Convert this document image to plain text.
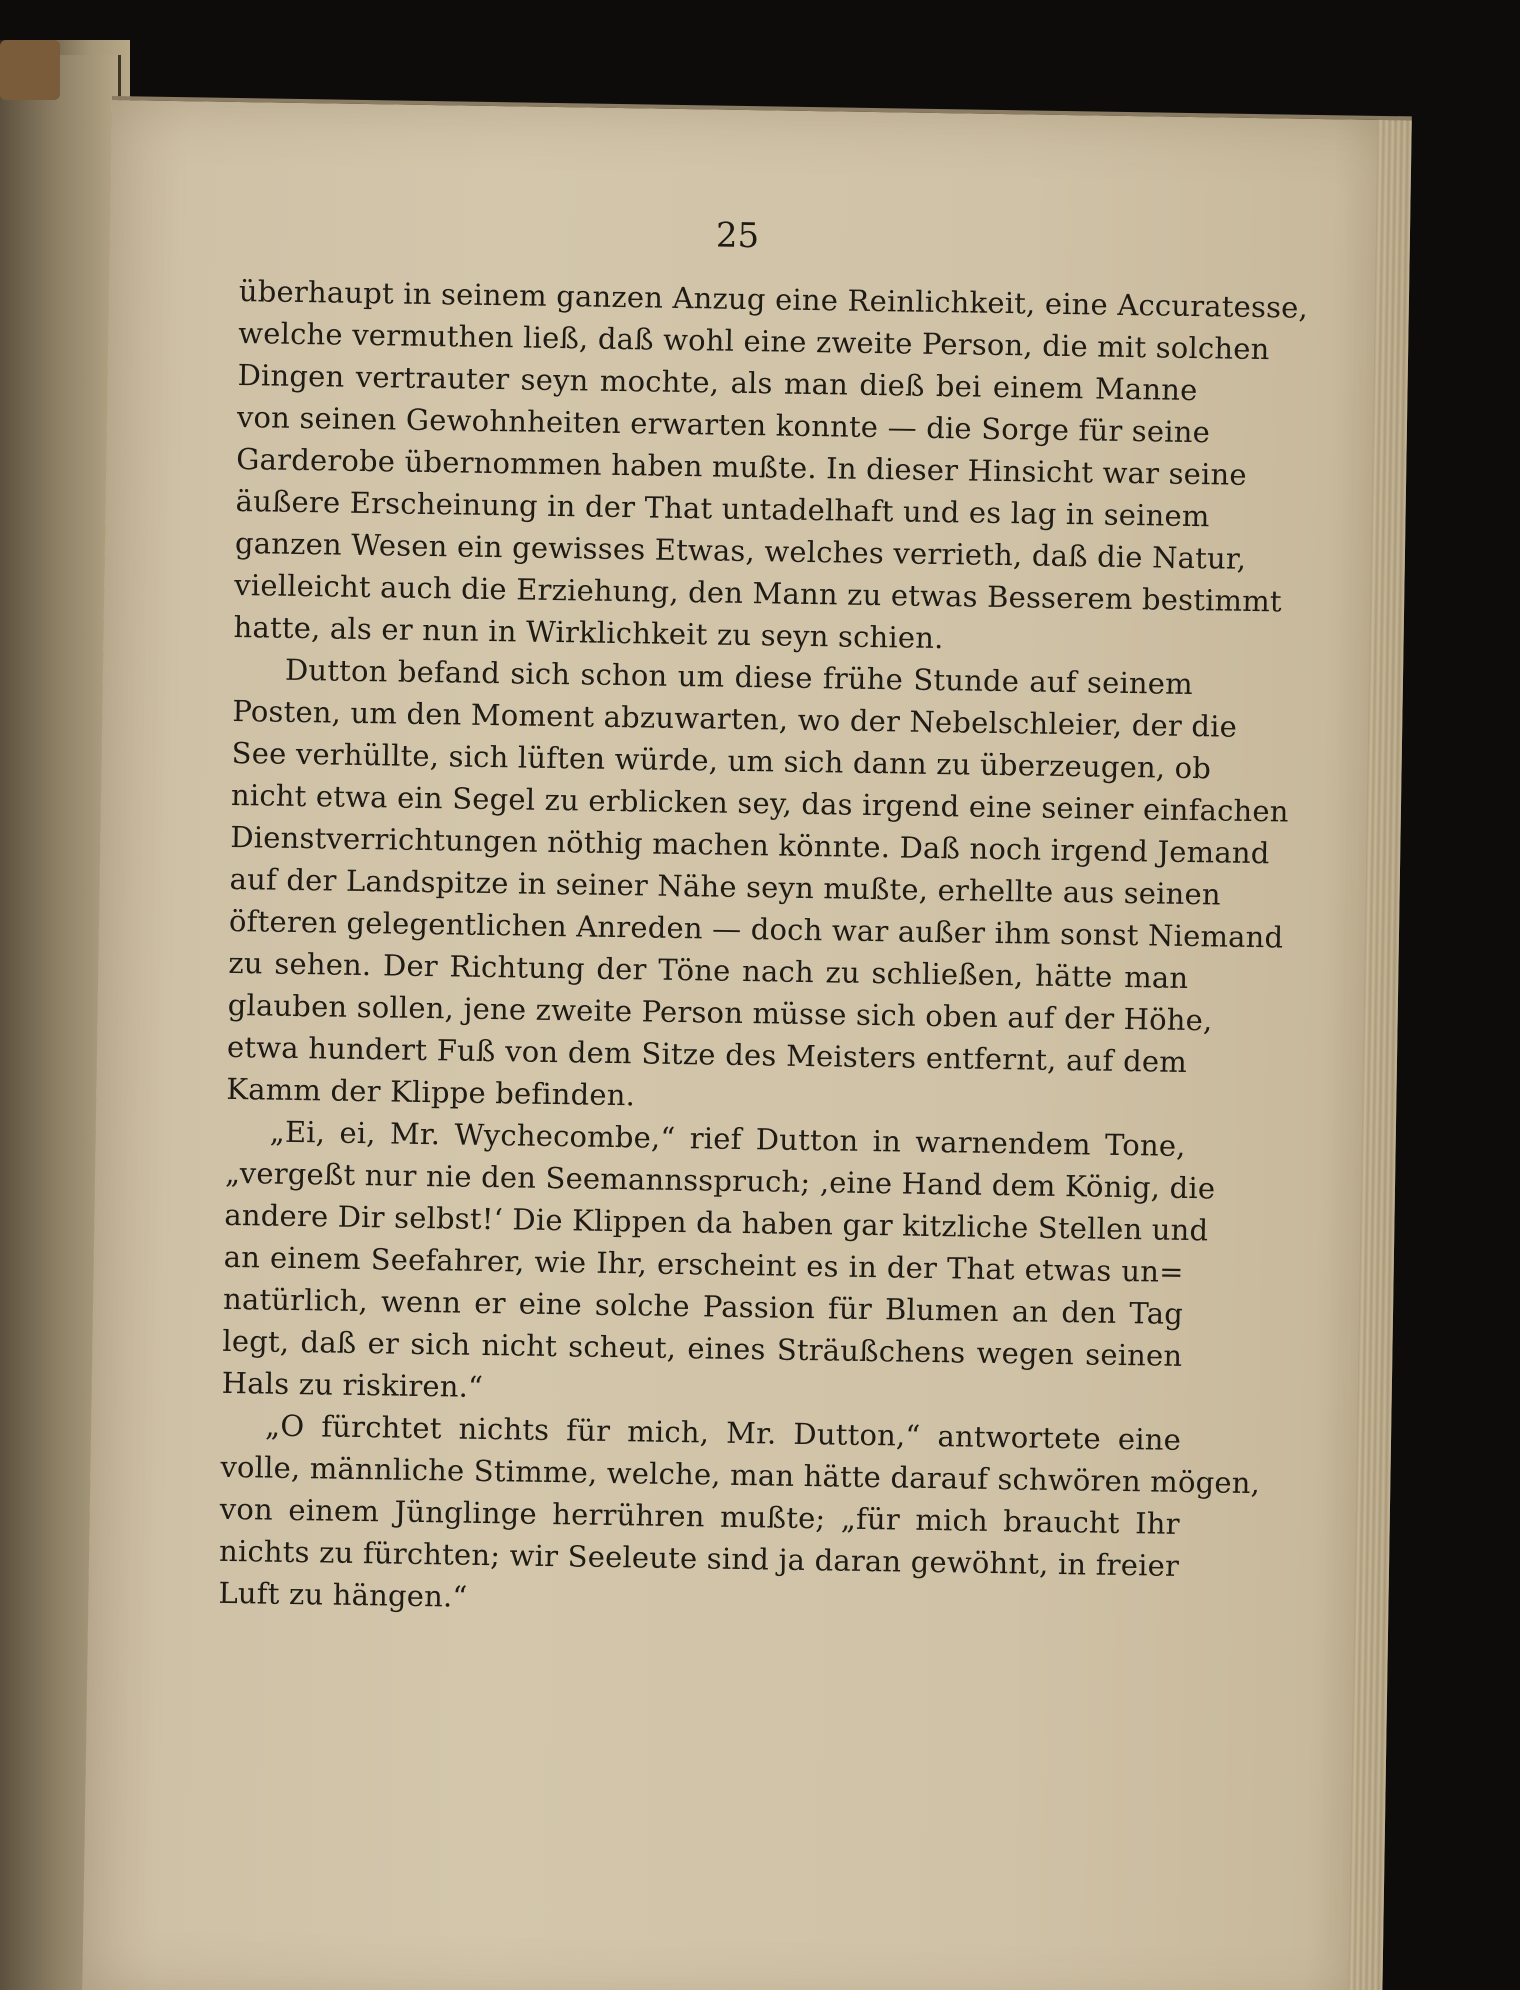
25

überhaupt in seinem ganzen Anzug eine Reinlichkeit, eine Accuratesse,
welche vermuthen ließ, daß wohl eine zweite Person, die mit solchen
Dingen vertrauter seyn mochte, als man dieß bei einem Manne
von seinen Gewohnheiten erwarten konnte — die Sorge für seine
Garderobe übernommen haben mußte. In dieser Hinsicht war seine
äußere Erscheinung in der That untadelhaft und es lag in seinem
ganzen Wesen ein gewisses Etwas, welches verrieth, daß die Natur,
vielleicht auch die Erziehung, den Mann zu etwas Besserem bestimmt
hatte, als er nun in Wirklichkeit zu seyn schien.

Dutton befand sich schon um diese frühe Stunde auf seinem
Posten, um den Moment abzuwarten, wo der Nebelschleier, der die
See verhüllte, sich lüften würde, um sich dann zu überzeugen, ob
nicht etwa ein Segel zu erblicken sey, das irgend eine seiner einfachen
Dienstverrichtungen nöthig machen könnte. Daß noch irgend Jemand
auf der Landspitze in seiner Nähe seyn mußte, erhellte aus seinen
öfteren gelegentlichen Anreden — doch war außer ihm sonst Niemand
zu sehen. Der Richtung der Töne nach zu schließen, hätte man
glauben sollen, jene zweite Person müsse sich oben auf der Höhe,
etwa hundert Fuß von dem Sitze des Meisters entfernt, auf dem
Kamm der Klippe befinden.

„Ei, ei, Mr. Wychecombe,“ rief Dutton in warnendem Tone,
„vergeßt nur nie den Seemannsspruch; ‚eine Hand dem König, die
andere Dir selbst!‘ Die Klippen da haben gar kitzliche Stellen und
an einem Seefahrer, wie Ihr, erscheint es in der That etwas un=
natürlich, wenn er eine solche Passion für Blumen an den Tag
legt, daß er sich nicht scheut, eines Sträußchens wegen seinen
Hals zu riskiren.“

„O fürchtet nichts für mich, Mr. Dutton,“ antwortete eine
volle, männliche Stimme, welche, man hätte darauf schwören mögen,
von einem Jünglinge herrühren mußte; „für mich braucht Ihr
nichts zu fürchten; wir Seeleute sind ja daran gewöhnt, in freier
Luft zu hängen.“
